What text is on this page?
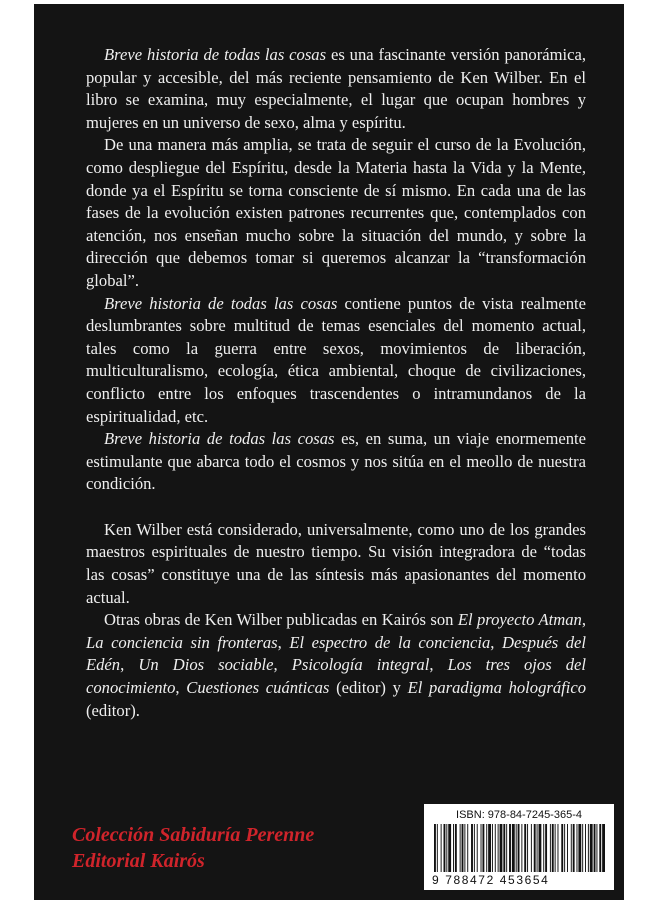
Breve historia de todas las cosas es una fascinante versión panorámica, popular y accesible, del más reciente pensamiento de Ken Wilber. En el libro se examina, muy especialmente, el lugar que ocupan hombres y mujeres en un universo de sexo, alma y espíritu.

De una manera más amplia, se trata de seguir el curso de la Evolución, como despliegue del Espíritu, desde la Materia hasta la Vida y la Mente, donde ya el Espíritu se torna consciente de sí mismo. En cada una de las fases de la evolución existen patrones recurrentes que, contemplados con atención, nos enseñan mucho sobre la situación del mundo, y sobre la dirección que debemos tomar si queremos alcanzar la “transformación global”.

Breve historia de todas las cosas contiene puntos de vista realmente deslumbrantes sobre multitud de temas esenciales del momento actual, tales como la guerra entre sexos, movimientos de liberación, multiculturalismo, ecología, ética ambiental, choque de civilizaciones, conflicto entre los enfoques trascendentes o intramundanos de la espiritualidad, etc.

Breve historia de todas las cosas es, en suma, un viaje enormemente estimulante que abarca todo el cosmos y nos sitúa en el meollo de nuestra condición.

Ken Wilber está considerado, universalmente, como uno de los grandes maestros espirituales de nuestro tiempo. Su visión integradora de “todas las cosas” constituye una de las síntesis más apasionantes del momento actual.

Otras obras de Ken Wilber publicadas en Kairós son El proyecto Atman, La conciencia sin fronteras, El espectro de la conciencia, Después del Edén, Un Dios sociable, Psicología integral, Los tres ojos del conocimiento, Cuestiones cuánticas (editor) y El paradigma holográfico (editor).

Colección Sabiduría Perenne
Editorial Kairós
ISBN: 978-84-7245-365-4
9 788472 453654
